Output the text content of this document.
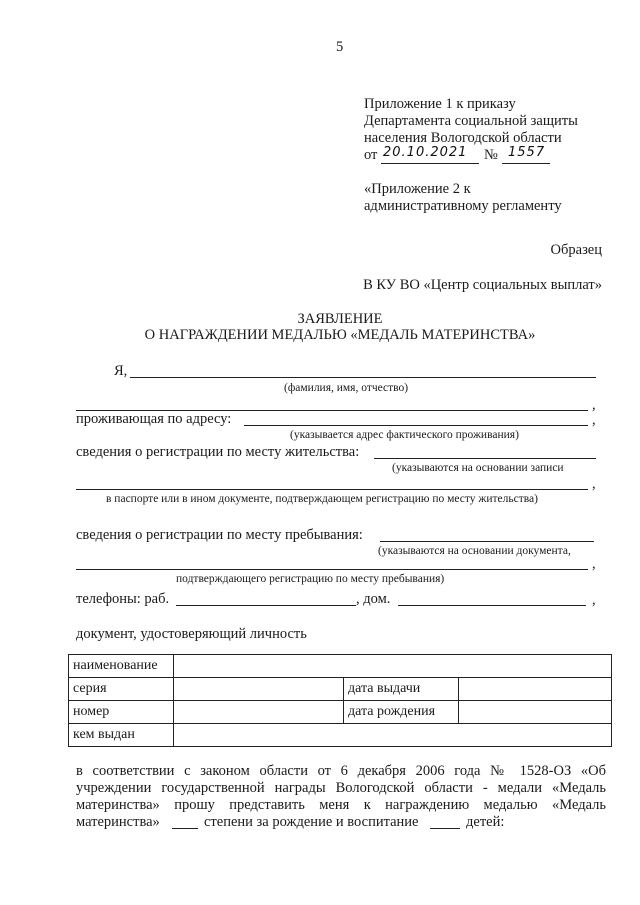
5
Приложение 1 к приказу
Департамента социальной защиты
населения Вологодской области
от 20.10.2021 № 1557
«Приложение 2 к
административному регламенту
Образец
В КУ ВО «Центр социальных выплат»
ЗАЯВЛЕНИЕ
О НАГРАЖДЕНИИ МЕДАЛЬЮ «МЕДАЛЬ МАТЕРИНСТВА»
Я,
(фамилия, имя, отчество)
,
проживающая по адресу:	,
(указывается адрес фактического проживания)
сведения о регистрации по месту жительства:
(указываются на основании записи
,
в паспорте или в ином документе, подтверждающем регистрацию по месту жительства)
сведения о регистрации по месту пребывания:
(указываются на основании документа,
,
подтверждающего регистрацию по месту пребывания)
телефоны: раб.	, дом.	,
документ, удостоверяющий личность
наименование			
серия		дата выдачи	
номер		дата рождения	
кем выдан			
в соответствии с законом области от 6 декабря 2006 года № 1528-ОЗ «Об
учреждении государственной награды Вологодской области - медали «Медаль
материнства» прошу представить меня к награждению медалью «Медаль
материнства»	степени за рождение и воспитание	детей:
